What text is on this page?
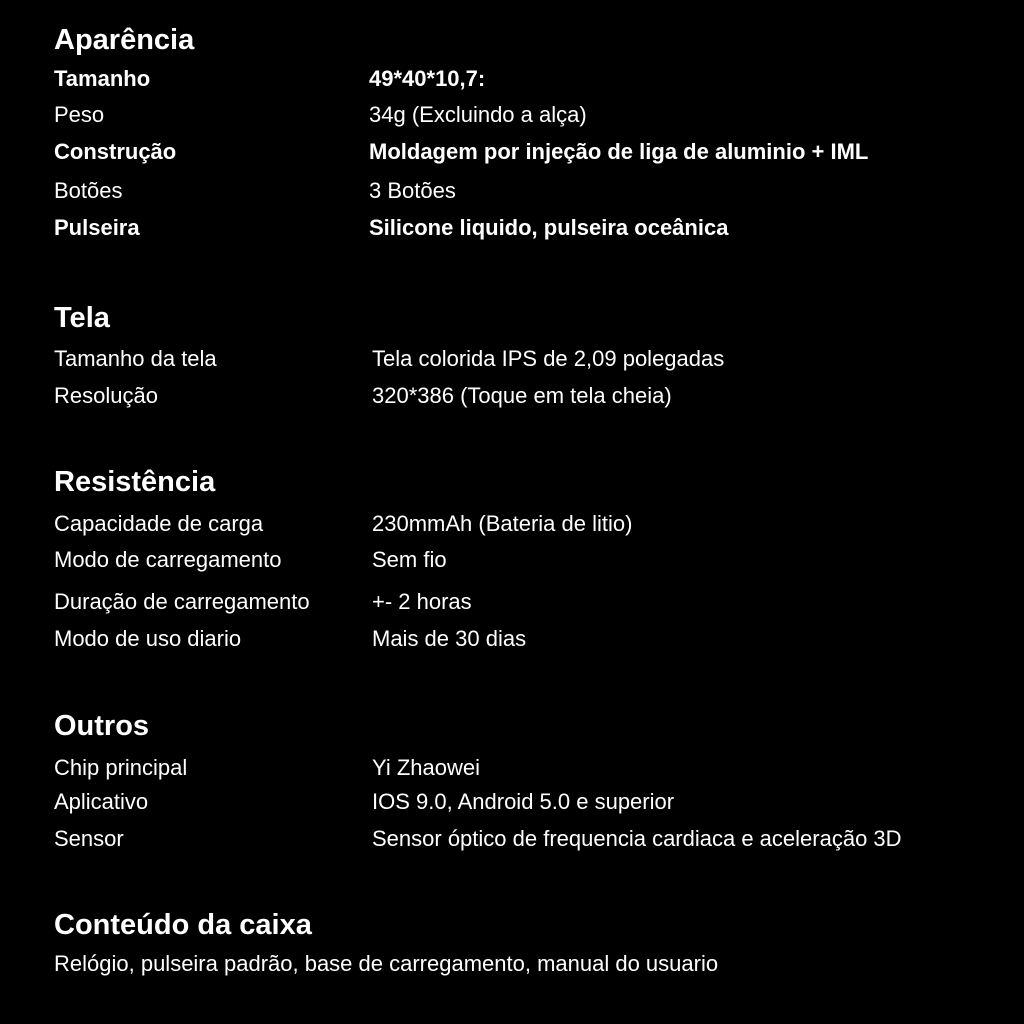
Aparência
Tamanho	49*40*10,7:
Peso	34g (Excluindo a alça)
Construção	Moldagem por injeção de liga de aluminio + IML
Botões	3 Botões
Pulseira	Silicone liquido, pulseira oceânica
Tela
Tamanho da tela	Tela colorida IPS de 2,09 polegadas
Resolução	320*386 (Toque em tela cheia)
Resistência
Capacidade de carga	230mmAh (Bateria de litio)
Modo de carregamento	Sem fio
Duração de carregamento	+- 2 horas
Modo de uso diario	Mais de 30 dias
Outros
Chip principal	Yi Zhaowei
Aplicativo	IOS 9.0, Android 5.0 e superior
Sensor	Sensor óptico de frequencia cardiaca e aceleração 3D
Conteúdo da caixa
Relógio, pulseira padrão, base de carregamento, manual do usuario
